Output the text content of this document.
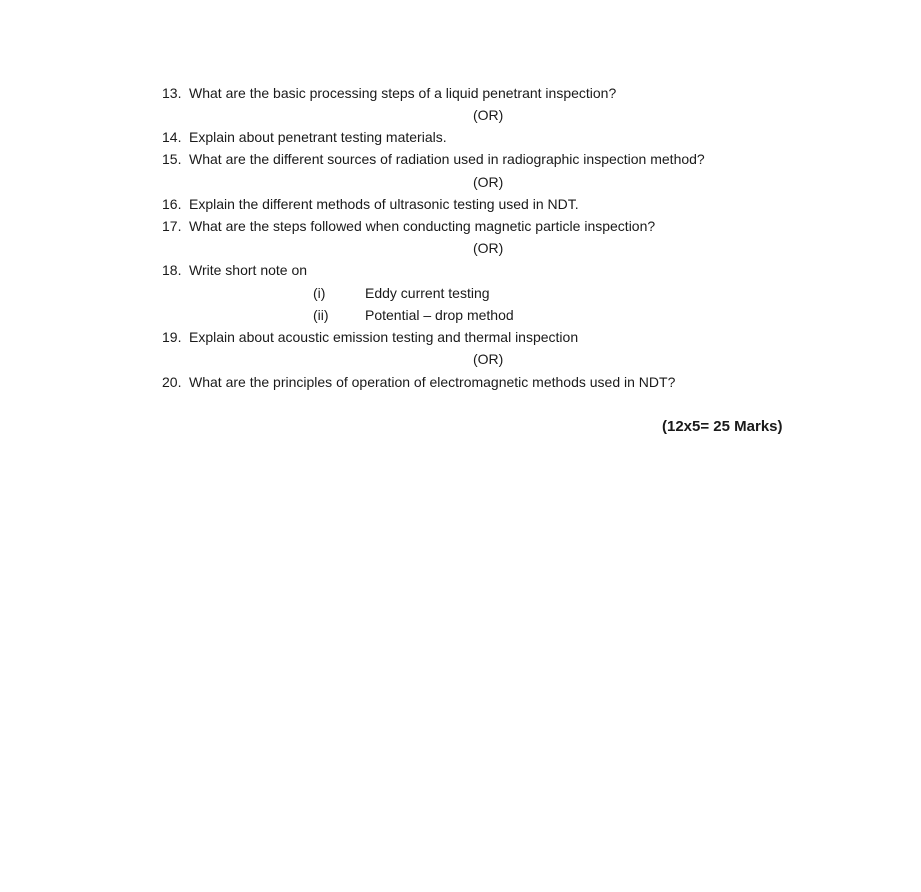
13. What are the basic processing steps of a liquid penetrant inspection?
(OR)
14. Explain about penetrant testing materials.
15. What are the different sources of radiation used in radiographic inspection method?
(OR)
16. Explain the different methods of ultrasonic testing used in NDT.
17. What are the steps followed when conducting magnetic particle inspection?
(OR)
18. Write short note on
(i)	Eddy current testing
(ii)	Potential – drop method
19. Explain about acoustic emission testing and thermal inspection
(OR)
20. What are the principles of operation of electromagnetic methods used in NDT?
(12x5= 25 Marks)
